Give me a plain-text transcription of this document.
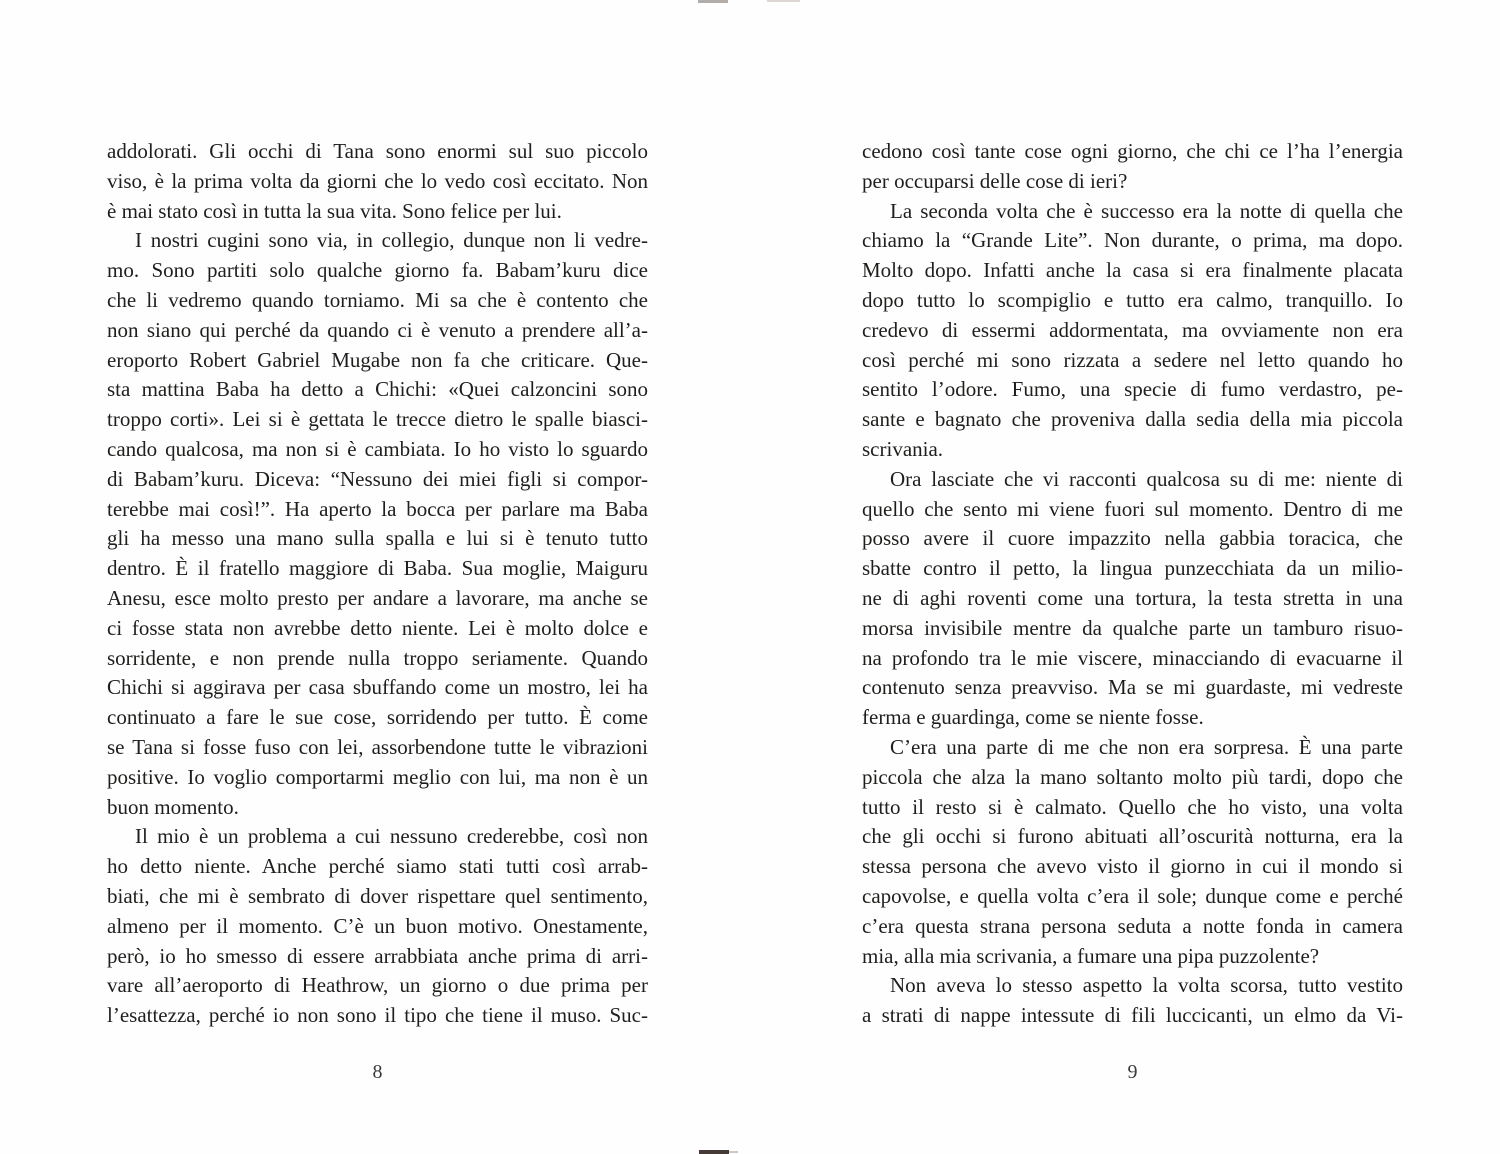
addolorati. Gli occhi di Tana sono enormi sul suo piccolo
viso, è la prima volta da giorni che lo vedo così eccitato. Non
è mai stato così in tutta la sua vita. Sono felice per lui.
I nostri cugini sono via, in collegio, dunque non li vedre-
mo. Sono partiti solo qualche giorno fa. Babam’kuru dice
che li vedremo quando torniamo. Mi sa che è contento che
non siano qui perché da quando ci è venuto a prendere all’a-
eroporto Robert Gabriel Mugabe non fa che criticare. Que-
sta mattina Baba ha detto a Chichi: «Quei calzoncini sono
troppo corti». Lei si è gettata le trecce dietro le spalle biasci-
cando qualcosa, ma non si è cambiata. Io ho visto lo sguardo
di Babam’kuru. Diceva: “Nessuno dei miei figli si compor-
terebbe mai così!”. Ha aperto la bocca per parlare ma Baba
gli ha messo una mano sulla spalla e lui si è tenuto tutto
dentro. È il fratello maggiore di Baba. Sua moglie, Maiguru
Anesu, esce molto presto per andare a lavorare, ma anche se
ci fosse stata non avrebbe detto niente. Lei è molto dolce e
sorridente, e non prende nulla troppo seriamente. Quando
Chichi si aggirava per casa sbuffando come un mostro, lei ha
continuato a fare le sue cose, sorridendo per tutto. È come
se Tana si fosse fuso con lei, assorbendone tutte le vibrazioni
positive. Io voglio comportarmi meglio con lui, ma non è un
buon momento.
Il mio è un problema a cui nessuno crederebbe, così non
ho detto niente. Anche perché siamo stati tutti così arrab-
biati, che mi è sembrato di dover rispettare quel sentimento,
almeno per il momento. C’è un buon motivo. Onestamente,
però, io ho smesso di essere arrabbiata anche prima di arri-
vare all’aeroporto di Heathrow, un giorno o due prima per
l’esattezza, perché io non sono il tipo che tiene il muso. Suc-
cedono così tante cose ogni giorno, che chi ce l’ha l’energia
per occuparsi delle cose di ieri?
La seconda volta che è successo era la notte di quella che
chiamo la “Grande Lite”. Non durante, o prima, ma dopo.
Molto dopo. Infatti anche la casa si era finalmente placata
dopo tutto lo scompiglio e tutto era calmo, tranquillo. Io
credevo di essermi addormentata, ma ovviamente non era
così perché mi sono rizzata a sedere nel letto quando ho
sentito l’odore. Fumo, una specie di fumo verdastro, pe-
sante e bagnato che proveniva dalla sedia della mia piccola
scrivania.
Ora lasciate che vi racconti qualcosa su di me: niente di
quello che sento mi viene fuori sul momento. Dentro di me
posso avere il cuore impazzito nella gabbia toracica, che
sbatte contro il petto, la lingua punzecchiata da un milio-
ne di aghi roventi come una tortura, la testa stretta in una
morsa invisibile mentre da qualche parte un tamburo risuo-
na profondo tra le mie viscere, minacciando di evacuarne il
contenuto senza preavviso. Ma se mi guardaste, mi vedreste
ferma e guardinga, come se niente fosse.
C’era una parte di me che non era sorpresa. È una parte
piccola che alza la mano soltanto molto più tardi, dopo che
tutto il resto si è calmato. Quello che ho visto, una volta
che gli occhi si furono abituati all’oscurità notturna, era la
stessa persona che avevo visto il giorno in cui il mondo si
capovolse, e quella volta c’era il sole; dunque come e perché
c’era questa strana persona seduta a notte fonda in camera
mia, alla mia scrivania, a fumare una pipa puzzolente?
Non aveva lo stesso aspetto la volta scorsa, tutto vestito
a strati di nappe intessute di fili luccicanti, un elmo da Vi-
8	9
